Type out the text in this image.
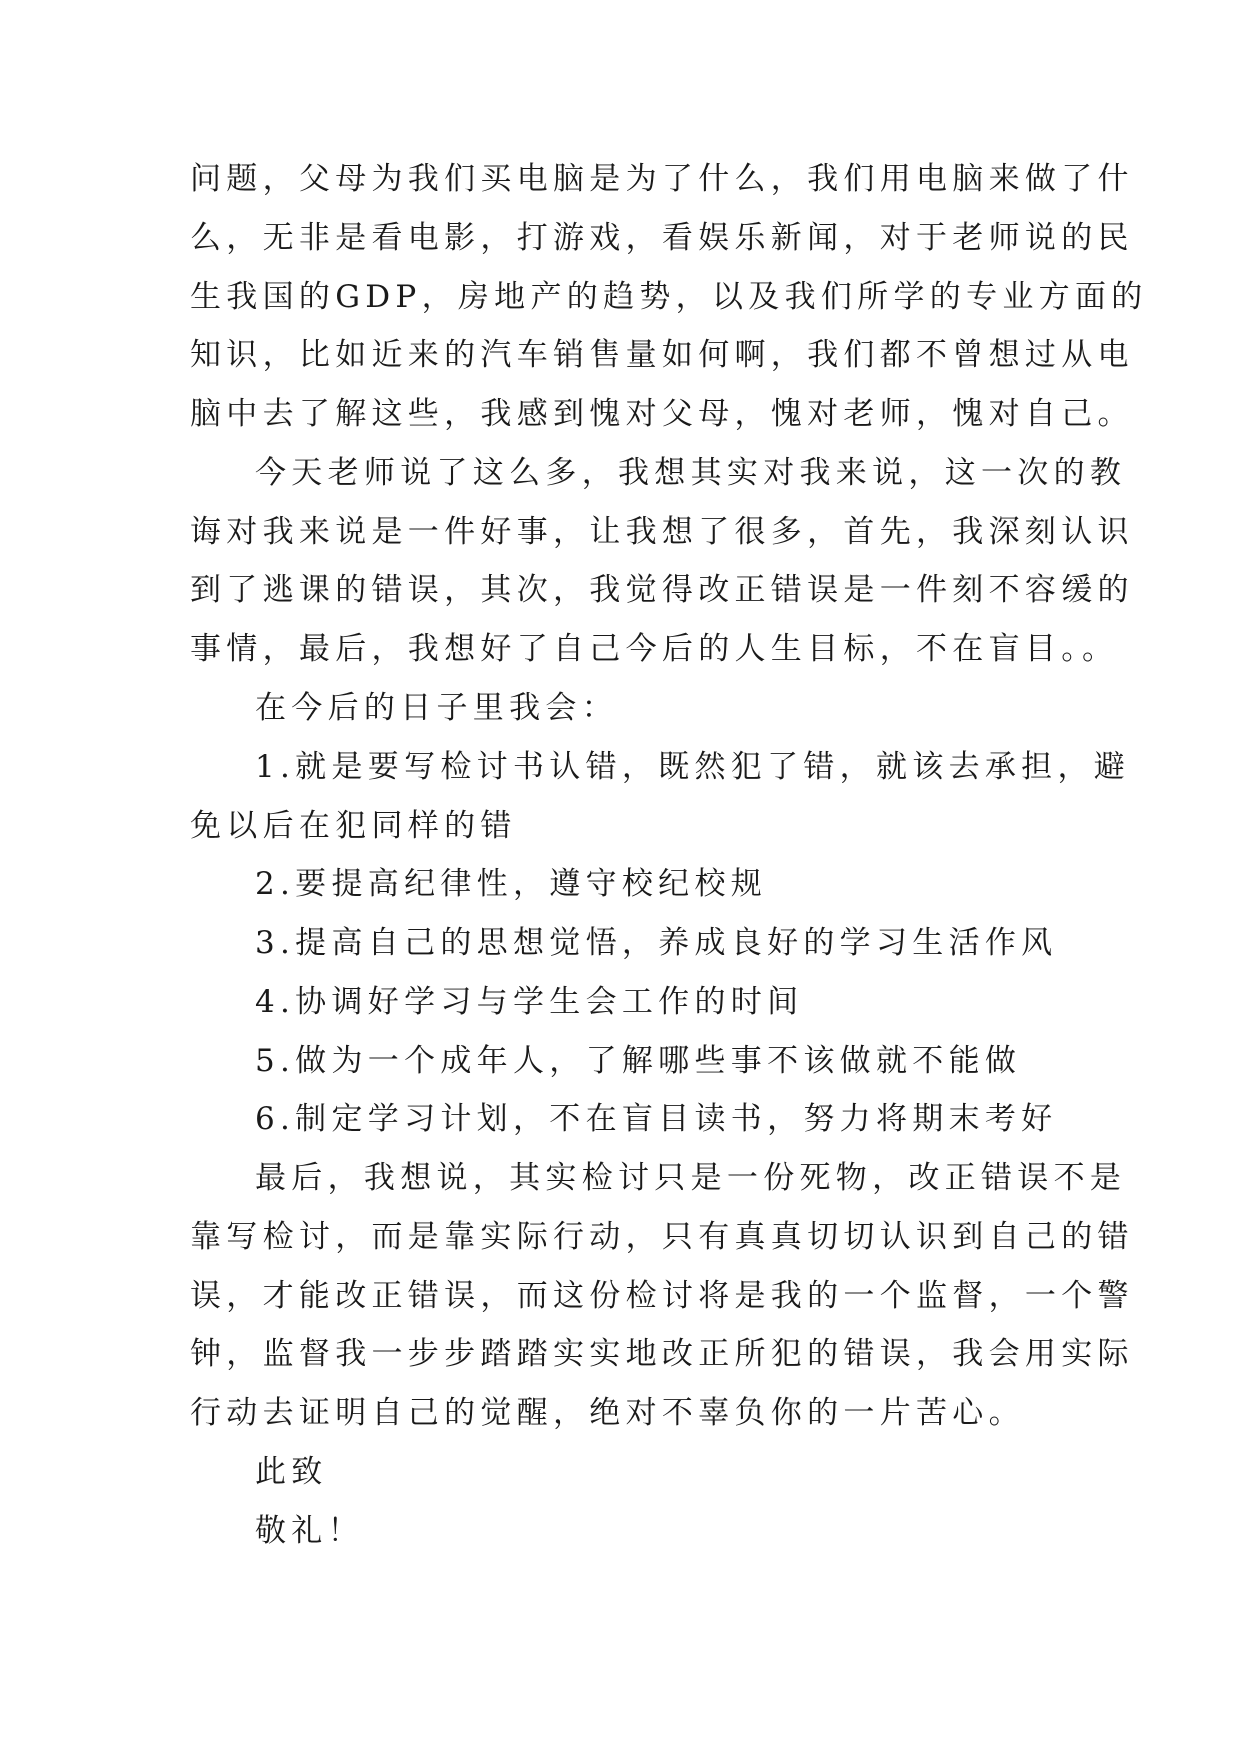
问题，父母为我们买电脑是为了什么，我们用电脑来做了什
么，无非是看电影，打游戏，看娱乐新闻，对于老师说的民
生我国的GDP，房地产的趋势，以及我们所学的专业方面的
知识，比如近来的汽车销售量如何啊，我们都不曾想过从电
脑中去了解这些，我感到愧对父母，愧对老师，愧对自己。
今天老师说了这么多，我想其实对我来说，这一次的教
诲对我来说是一件好事，让我想了很多，首先，我深刻认识
到了逃课的错误，其次，我觉得改正错误是一件刻不容缓的
事情，最后，我想好了自己今后的人生目标，不在盲目。。
在今后的日子里我会：
1.就是要写检讨书认错，既然犯了错，就该去承担，避
免以后在犯同样的错
2.要提高纪律性，遵守校纪校规
3.提高自己的思想觉悟，养成良好的学习生活作风
4.协调好学习与学生会工作的时间
5.做为一个成年人，了解哪些事不该做就不能做
6.制定学习计划，不在盲目读书，努力将期末考好
最后，我想说，其实检讨只是一份死物，改正错误不是
靠写检讨，而是靠实际行动，只有真真切切认识到自己的错
误，才能改正错误，而这份检讨将是我的一个监督，一个警
钟，监督我一步步踏踏实实地改正所犯的错误，我会用实际
行动去证明自己的觉醒，绝对不辜负你的一片苦心。
此致
敬礼！
